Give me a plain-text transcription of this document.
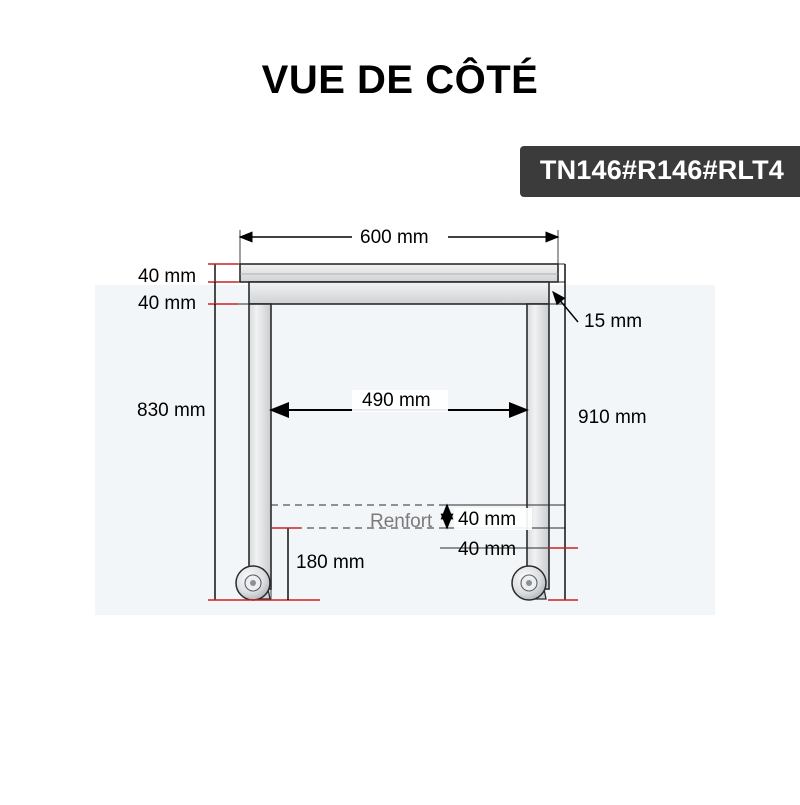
VUE DE CÔTÉ
TN146#R146#RLT4
Renfort
600 mm
40 mm
40 mm
15 mm
830 mm	490 mm
910 mm
40 mm
40 mm
180 mm
